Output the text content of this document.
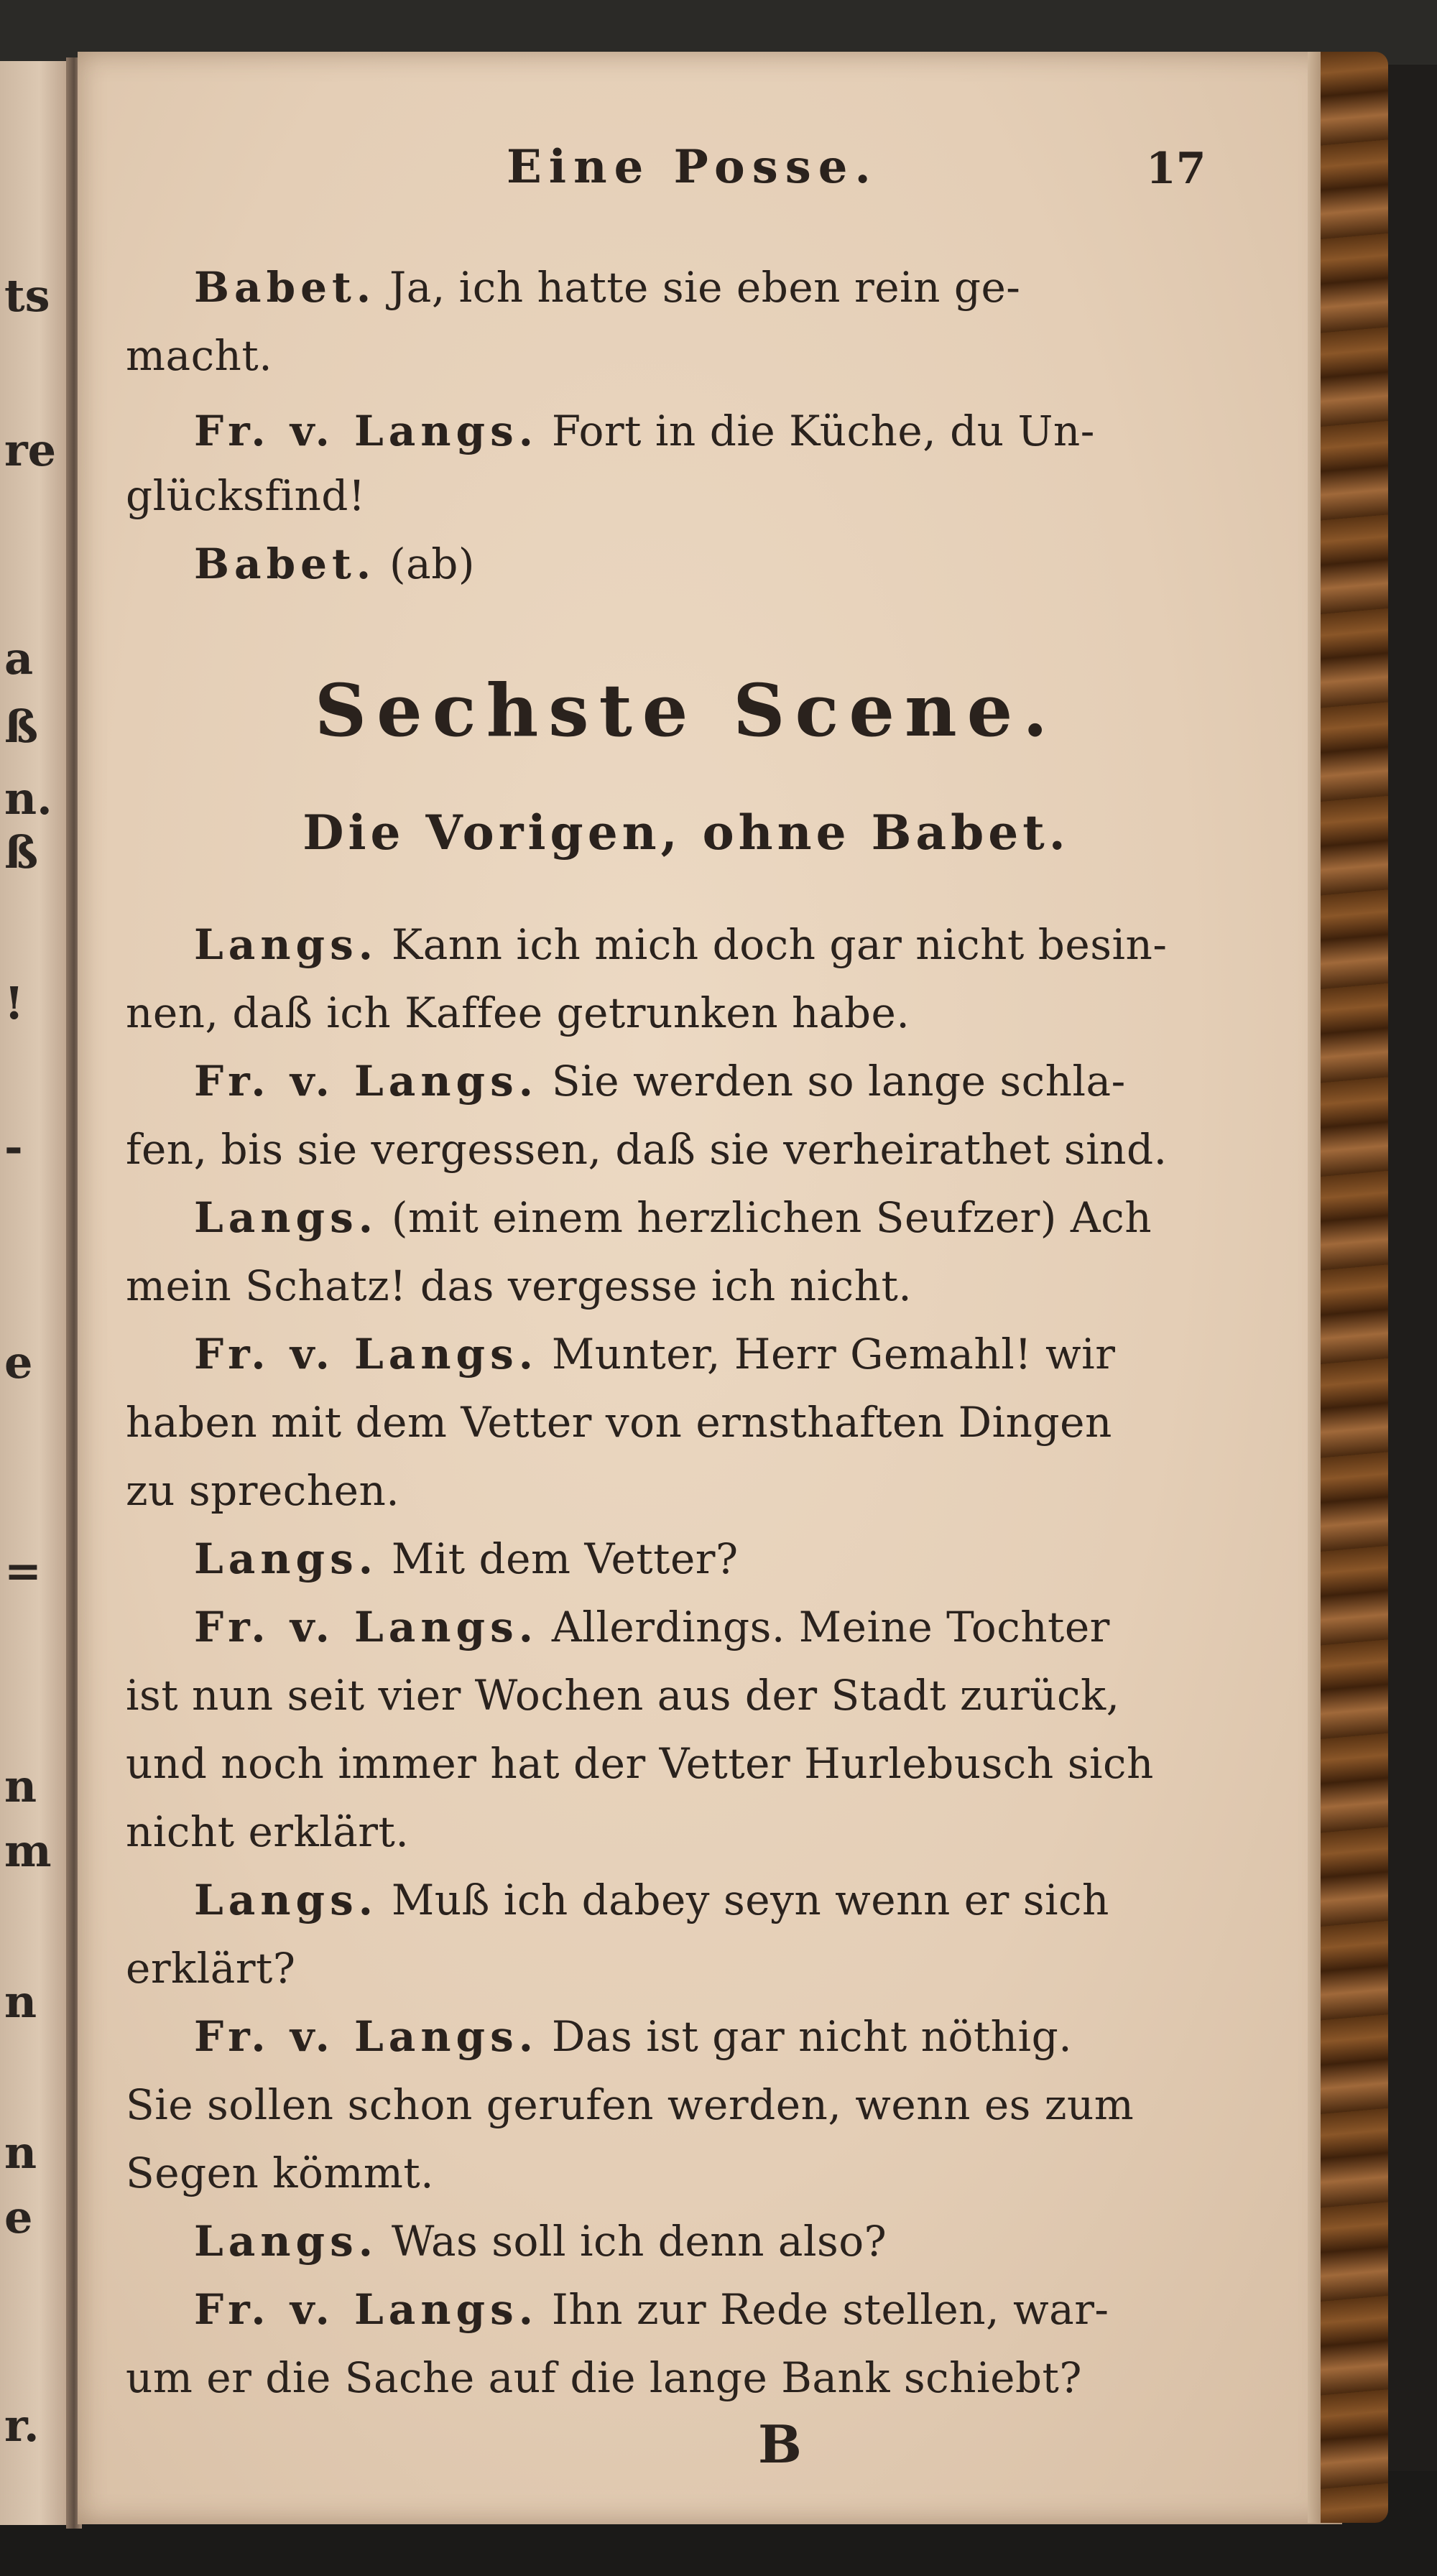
ts
re
a
ß
n.
ß
!
-
e
=
n
m
n
n
e
r.
Eine Posse.	17
Babet. Ja, ich hatte sie eben rein ge-
macht.
Fr. v. Langs. Fort in die Küche, du Un-
glücksfind!
Babet. (ab)
Sechste Scene.
Die Vorigen, ohne Babet.
Langs. Kann ich mich doch gar nicht besin-
nen, daß ich Kaffee getrunken habe.
Fr. v. Langs. Sie werden so lange schla-
fen, bis sie vergessen, daß sie verheirathet sind.
Langs. (mit einem herzlichen Seufzer) Ach
mein Schatz! das vergesse ich nicht.
Fr. v. Langs. Munter, Herr Gemahl! wir
haben mit dem Vetter von ernsthaften Dingen
zu sprechen.
Langs. Mit dem Vetter?
Fr. v. Langs. Allerdings. Meine Tochter
ist nun seit vier Wochen aus der Stadt zurück,
und noch immer hat der Vetter Hurlebusch sich
nicht erklärt.
Langs. Muß ich dabey seyn wenn er sich
erklärt?
Fr. v. Langs. Das ist gar nicht nöthig.
Sie sollen schon gerufen werden, wenn es zum
Segen kömmt.
Langs. Was soll ich denn also?
Fr. v. Langs. Ihn zur Rede stellen, war-
um er die Sache auf die lange Bank schiebt?
B
